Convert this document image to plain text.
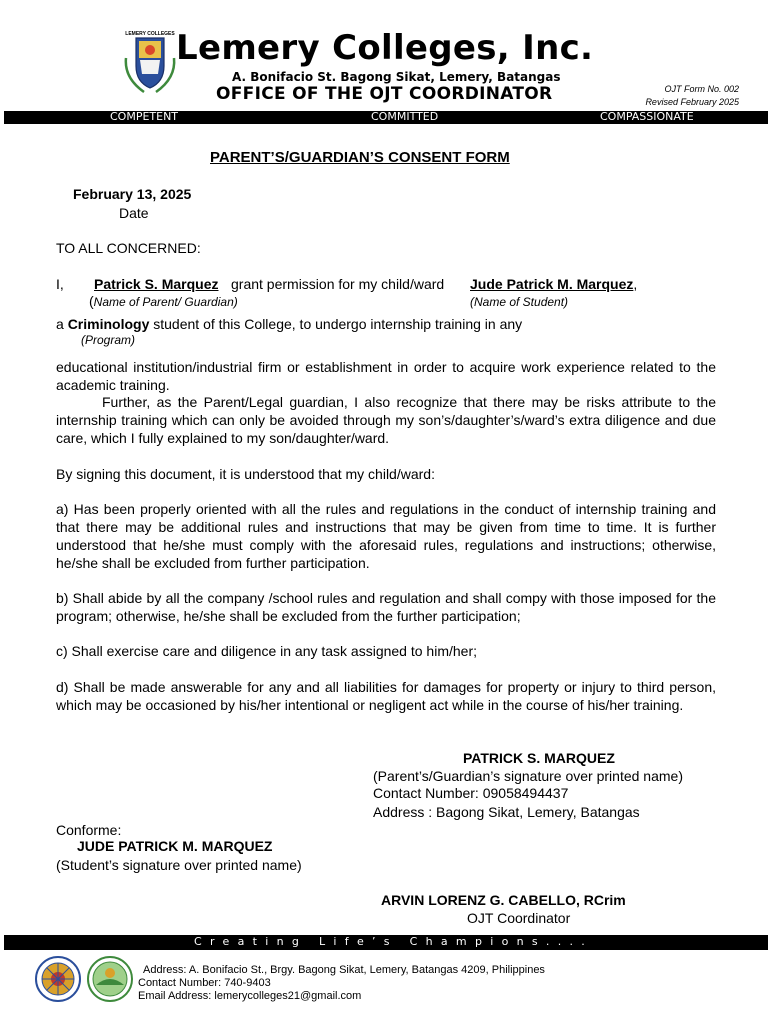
LEMERY COLLEGES Lemery Colleges, Inc.
A. Bonifacio St. Bagong Sikat, Lemery, Batangas
OFFICE OF THE OJT COORDINATOR	OJT Form No. 002
Revised February 2025
COMPETENT	COMMITTED	COMPASSIONATE
PARENT’S/GUARDIAN’S CONSENT FORM
February 13, 2025
Date
TO ALL CONCERNED:
I, Patrick S. Marquez grant permission for my child/ward Jude Patrick M. Marquez,
(Name of Parent/ Guardian)	(Name of Student)
a Criminology student of this College, to undergo internship training in any
(Program)
educational institution/industrial firm or establishment in order to acquire work experience related to the academic training.
Further, as the Parent/Legal guardian, I also recognize that there may be risks attribute to the internship training which can only be avoided through my son’s/daughter’s/ward’s extra diligence and due care, which I fully explained to my son/daughter/ward.
By signing this document, it is understood that my child/ward:
a) Has been properly oriented with all the rules and regulations in the conduct of internship training and that there may be additional rules and instructions that may be given from time to time. It is further understood that he/she must comply with the aforesaid rules, regulations and instructions; otherwise, he/she shall be excluded from further participation.
b) Shall abide by all the company /school rules and regulation and shall compy with those imposed for the program; otherwise, he/she shall be excluded from the further participation;
c) Shall exercise care and diligence in any task assigned to him/her;
d) Shall be made answerable for any and all liabilities for damages for property or injury to third person, which may be occasioned by his/her intentional or negligent act while in the course of his/her training.
PATRICK S. MARQUEZ
(Parent’s/Guardian’s signature over printed name)
Contact Number: 09058494437
Address : Bagong Sikat, Lemery, Batangas
Conforme:
JUDE PATRICK M. MARQUEZ
(Student’s signature over printed name)
ARVIN LORENZ G. CABELLO, RCrim
OJT Coordinator
Creating Life’s Champions....
Address: A. Bonifacio St., Brgy. Bagong Sikat, Lemery, Batangas 4209, Philippines
Contact Number: 740-9403
Email Address: lemerycolleges21@gmail.com
